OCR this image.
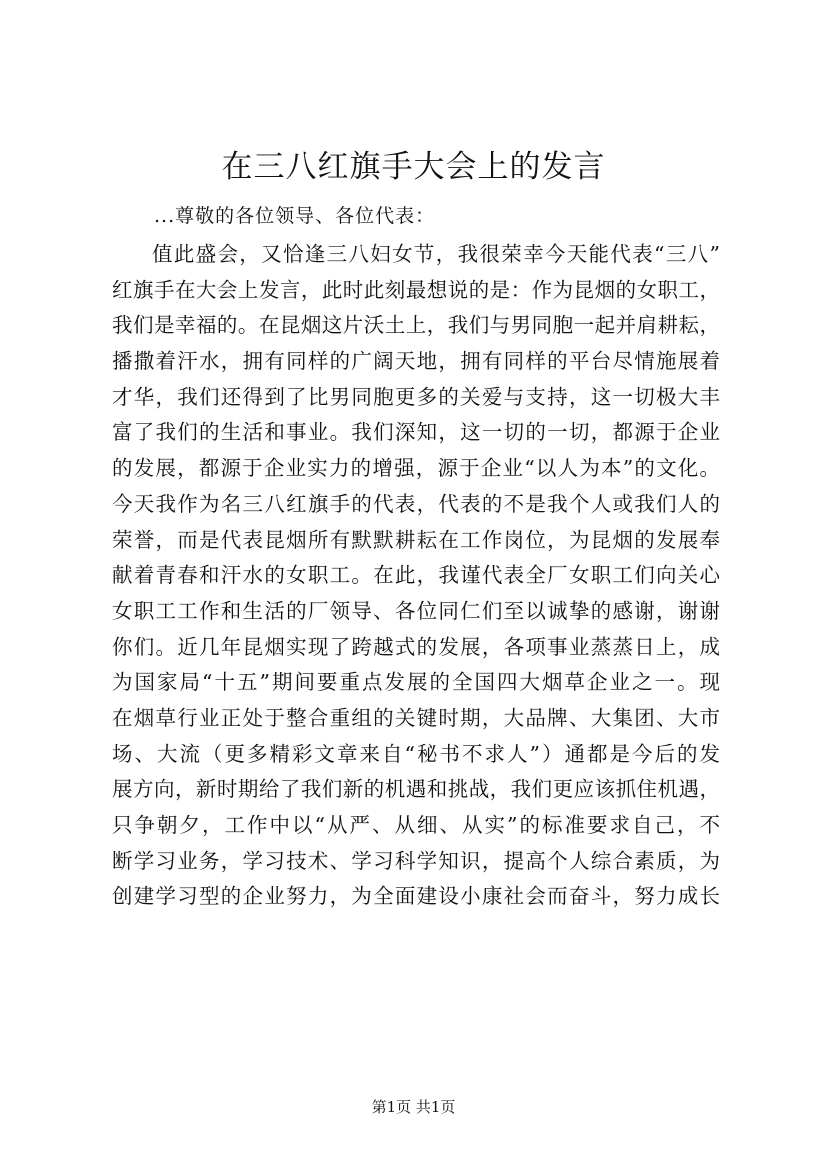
在三八红旗手大会上的发言
...尊敬的各位领导、各位代表：
值此盛会，又恰逢三八妇女节，我很荣幸今天能代表“三八”
红旗手在大会上发言，此时此刻最想说的是：作为昆烟的女职工，
我们是幸福的。在昆烟这片沃土上，我们与男同胞一起并肩耕耘，
播撒着汗水，拥有同样的广阔天地，拥有同样的平台尽情施展着
才华，我们还得到了比男同胞更多的关爱与支持，这一切极大丰
富了我们的生活和事业。我们深知，这一切的一切，都源于企业
的发展，都源于企业实力的增强，源于企业“以人为本”的文化。
今天我作为名三八红旗手的代表，代表的不是我个人或我们人的
荣誉，而是代表昆烟所有默默耕耘在工作岗位，为昆烟的发展奉
献着青春和汗水的女职工。在此，我谨代表全厂女职工们向关心
女职工工作和生活的厂领导、各位同仁们至以诚挚的感谢，谢谢
你们。近几年昆烟实现了跨越式的发展，各项事业蒸蒸日上，成
为国家局“十五”期间要重点发展的全国四大烟草企业之一。现
在烟草行业正处于整合重组的关键时期，大品牌、大集团、大市
场、大流（更多精彩文章来自“秘书不求人”）通都是今后的发
展方向，新时期给了我们新的机遇和挑战，我们更应该抓住机遇，
只争朝夕，工作中以“从严、从细、从实”的标准要求自己，不
断学习业务，学习技术、学习科学知识，提高个人综合素质，为
创建学习型的企业努力，为全面建设小康社会而奋斗，努力成长
第1页 共1页
